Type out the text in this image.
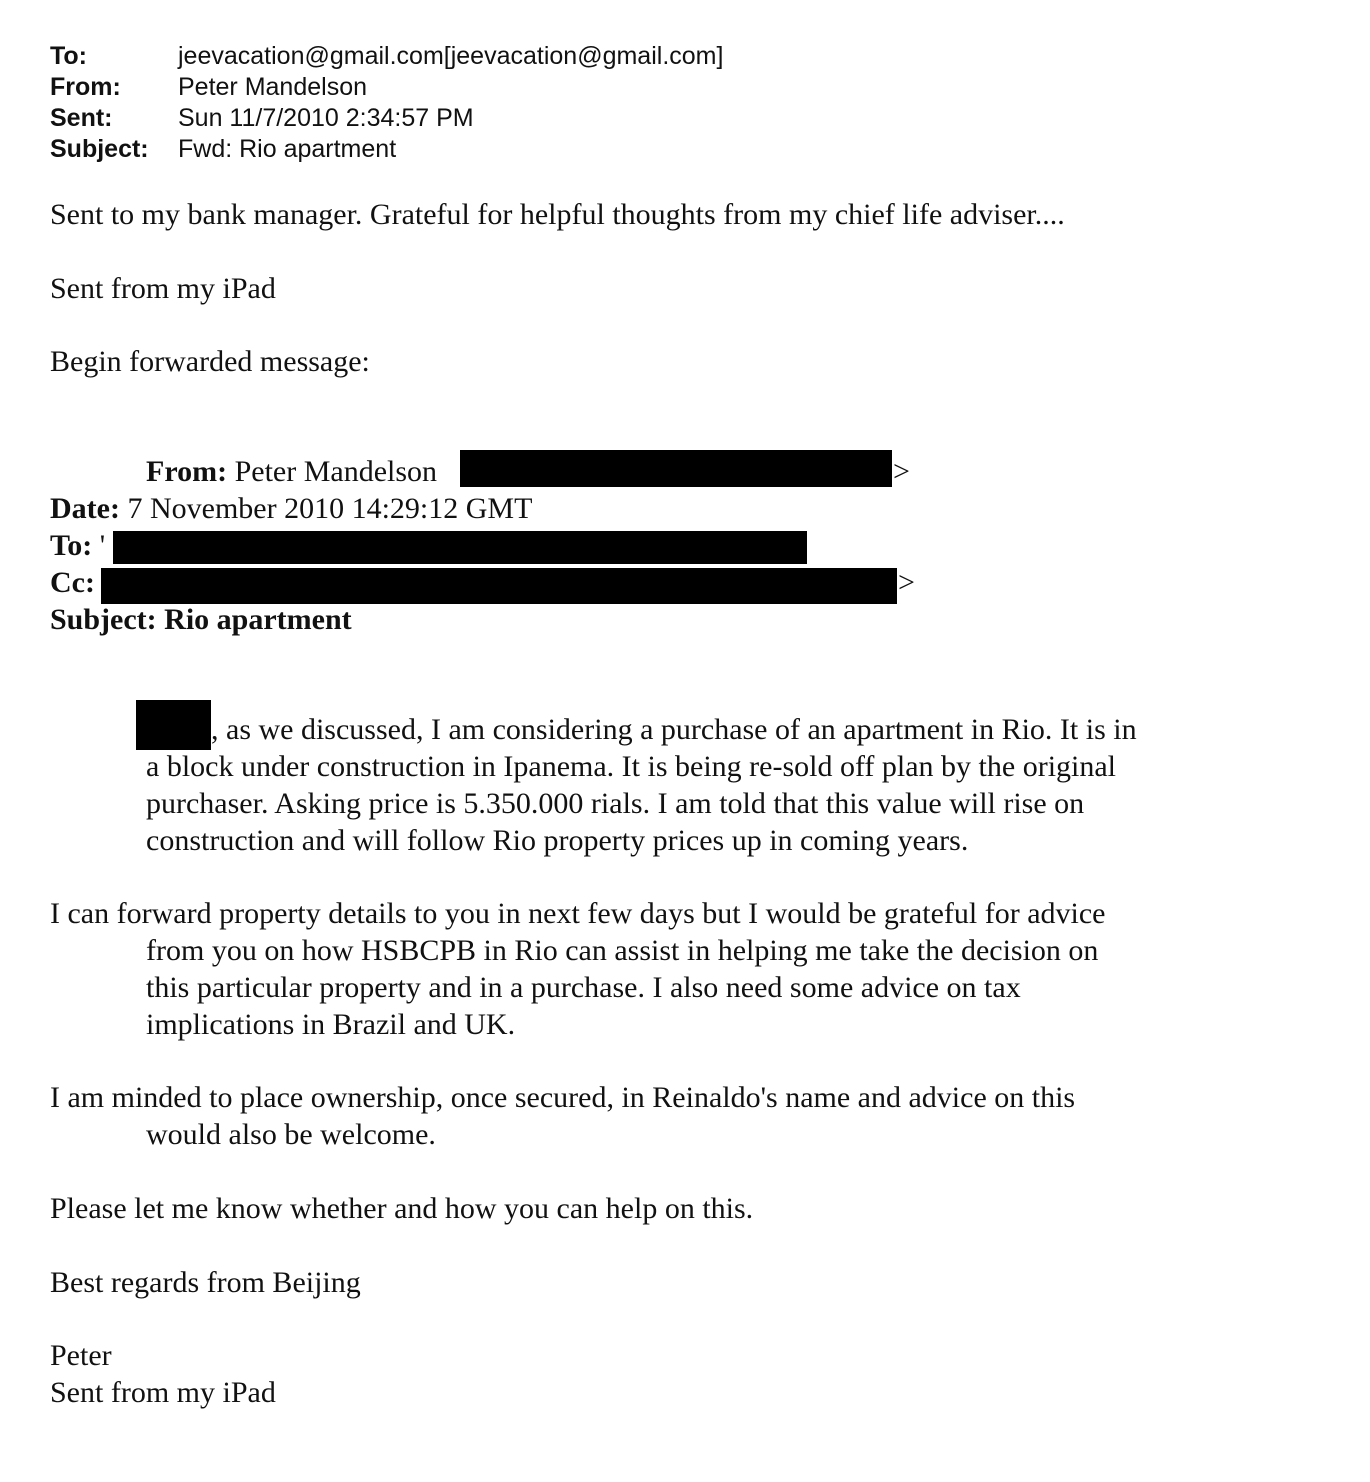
To:	jeevacation@gmail.com[jeevacation@gmail.com]
From: Peter Mandelson
Sent:	Sun 11/7/2010 2:34:57 PM
Subject: Fwd: Rio apartment
Sent to my bank manager. Grateful for helpful thoughts from my chief life adviser....
Sent from my iPad
Begin forwarded message:
From: Peter Mandelson	>
Date: 7 November 2010 14:29:12 GMT
To: '
Cc:	>
Subject: Rio apartment
, as we discussed, I am considering a purchase of an apartment in Rio. It is in
a block under construction in Ipanema. It is being re-sold off plan by the original
purchaser. Asking price is 5.350.000 rials. I am told that this value will rise on
construction and will follow Rio property prices up in coming years.
I can forward property details to you in next few days but I would be grateful for advice
from you on how HSBCPB in Rio can assist in helping me take the decision on
this particular property and in a purchase. I also need some advice on tax
implications in Brazil and UK.
I am minded to place ownership, once secured, in Reinaldo's name and advice on this
would also be welcome.
Please let me know whether and how you can help on this.
Best regards from Beijing
Peter
Sent from my iPad
